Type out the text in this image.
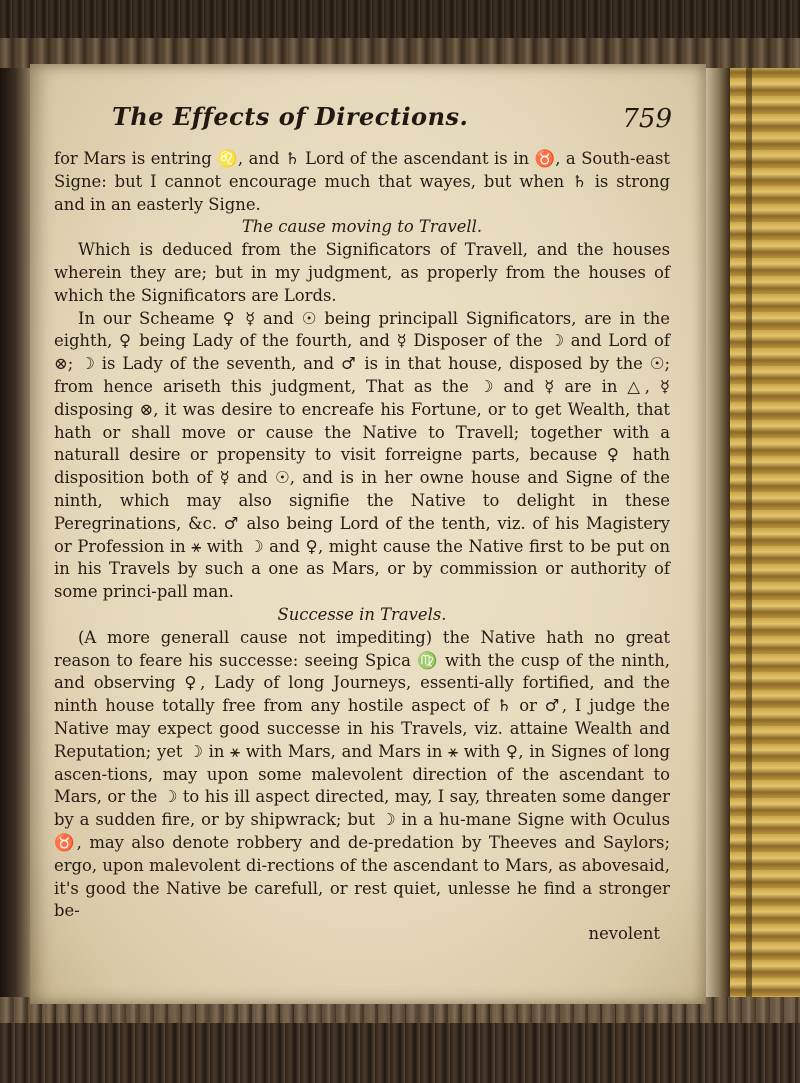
The Effects of Directions.	759

for Mars is entring ♌, and ♄ Lord of the ascendant is in ♉, a South-east Signe: but I cannot encourage much that wayes, but when ♄ is strong and in an easterly Signe.

The cause moving to Travell.

Which is deduced from the Significators of Travell, and the houses wherein they are; but in my judgment, as properly from the houses of which the Significators are Lords.

In our Scheame ♀ ☿ and ☉ being principall Significators, are in the eighth, ♀ being Lady of the fourth, and ☿ Disposer of the ☽ and Lord of ⊗; ☽ is Lady of the seventh, and ♂ is in that house, disposed by the ☉; from hence ariseth this judgment, That as the ☽ and ☿ are in △, ☿ disposing ⊗, it was desire to encreafe his Fortune, or to get Wealth, that hath or shall move or cause the Native to Travell; together with a naturall desire or propensity to visit forreigne parts, because ♀ hath disposition both of ☿ and ☉, and is in her owne house and Signe of the ninth, which may also signifie the Native to delight in these Peregrinations, &c. ♂ also being Lord of the tenth, viz. of his Magistery or Profession in ⚹ with ☽ and ♀, might cause the Native first to be put on in his Travels by such a one as Mars, or by commission or authority of some princi-pall man.

Successe in Travels.

(A more generall cause not impediting) the Native hath no great reason to feare his successe: seeing Spica ♍ with the cusp of the ninth, and observing ♀, Lady of long Journeys, essenti-ally fortified, and the ninth house totally free from any hostile aspect of ♄ or ♂, I judge the Native may expect good successe in his Travels, viz. attaine Wealth and Reputation; yet ☽ in ⚹ with Mars, and Mars in ⚹ with ♀, in Signes of long ascen-tions, may upon some malevolent direction of the ascendant to Mars, or the ☽ to his ill aspect directed, may, I say, threaten some danger by a sudden fire, or by shipwrack; but ☽ in a hu-mane Signe with Oculus ♉, may also denote robbery and de-predation by Theeves and Saylors; ergo, upon malevolent di-rections of the ascendant to Mars, as abovesaid, it's good the Native be carefull, or rest quiet, unlesse he find a stronger be-

nevolent
